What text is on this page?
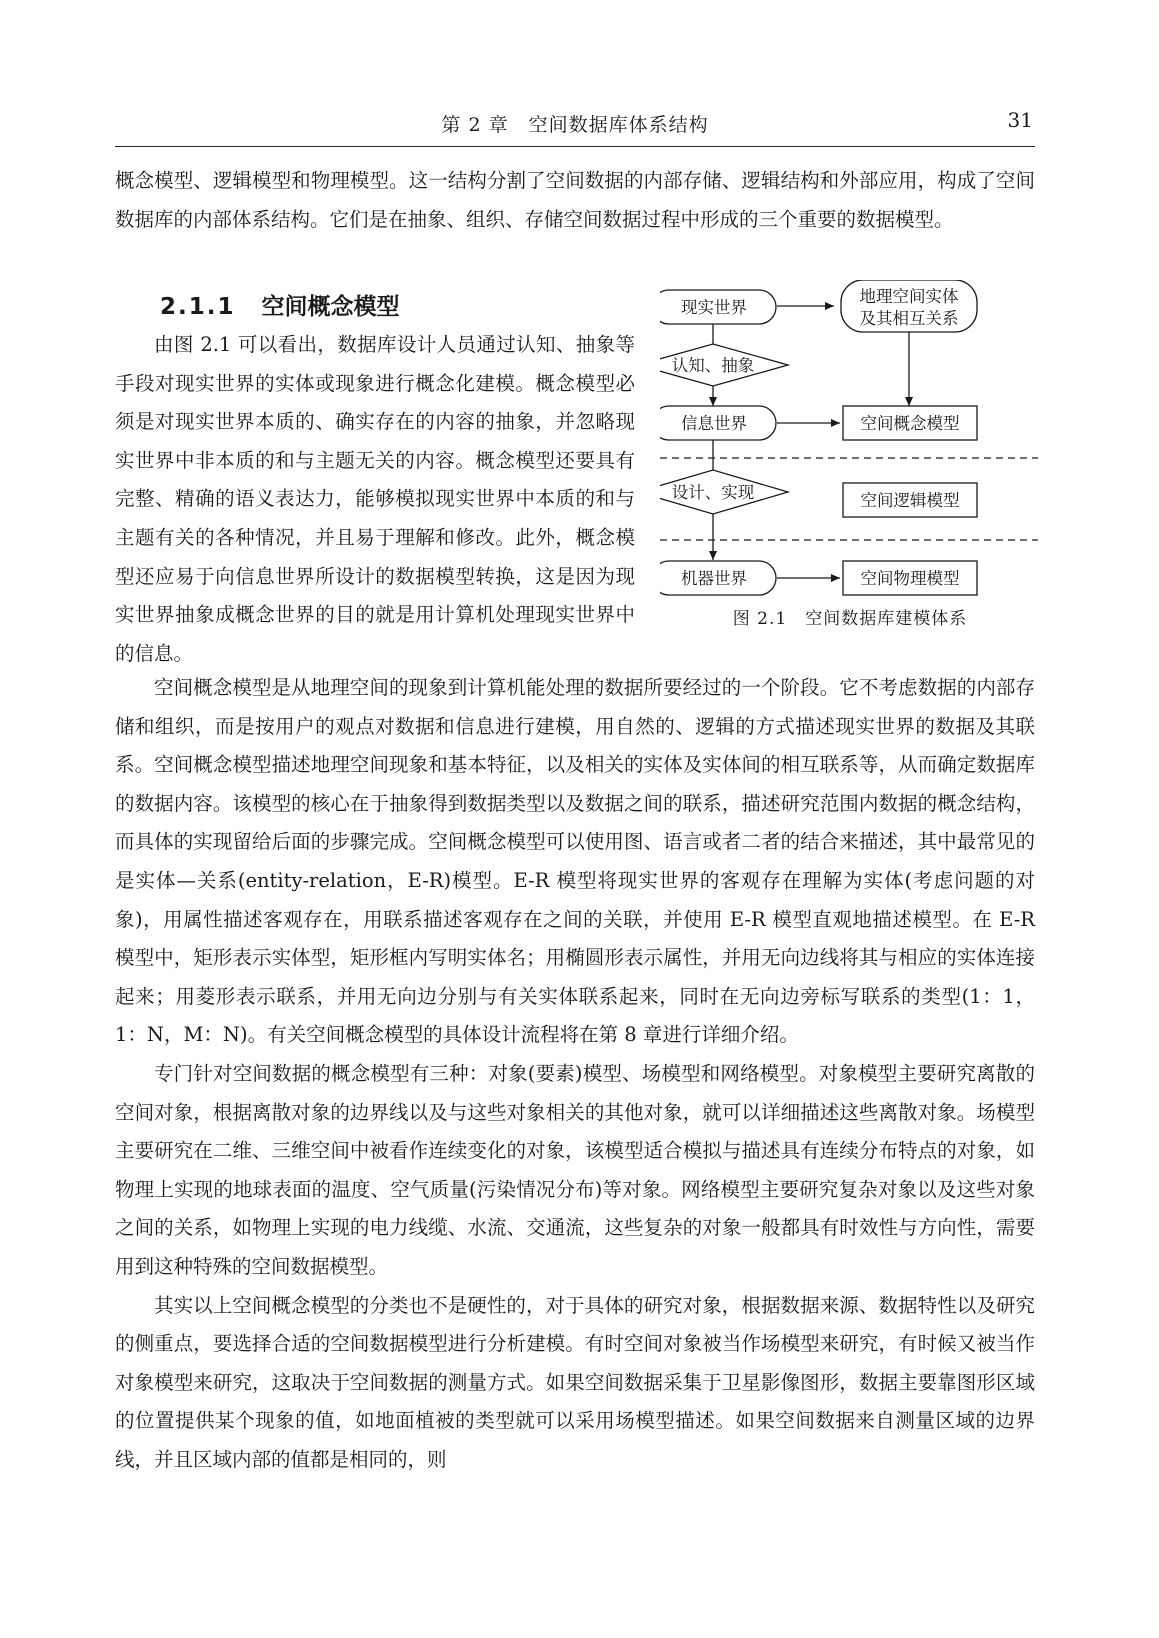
第 2 章　空间数据库体系结构	31
概念模型、逻辑模型和物理模型。这一结构分割了空间数据的内部存储、逻辑结构和外部应用，构成了空间数据库的内部体系结构。它们是在抽象、组织、存储空间数据过程中形成的三个重要的数据模型。
2.1.1 空间概念模型
由图 2.1 可以看出，数据库设计人员通过认知、抽象等手段对现实世界的实体或现象进行概念化建模。概念模型必须是对现实世界本质的、确实存在的内容的抽象，并忽略现实世界中非本质的和与主题无关的内容。概念模型还要具有完整、精确的语义表达力，能够模拟现实世界中本质的和与主题有关的各种情况，并且易于理解和修改。此外，概念模型还应易于向信息世界所设计的数据模型转换，这是因为现实世界抽象成概念世界的目的就是用计算机处理现实世界中的信息。
现实世界
地理空间实体
及其相互关系
认知、抽象
信息世界	空间概念模型
设计、实现	空间逻辑模型
机器世界	空间物理模型
图 2.1 空间数据库建模体系
空间概念模型是从地理空间的现象到计算机能处理的数据所要经过的一个阶段。它不考虑数据的内部存储和组织，而是按用户的观点对数据和信息进行建模，用自然的、逻辑的方式描述现实世界的数据及其联系。空间概念模型描述地理空间现象和基本特征，以及相关的实体及实体间的相互联系等，从而确定数据库的数据内容。该模型的核心在于抽象得到数据类型以及数据之间的联系，描述研究范围内数据的概念结构，而具体的实现留给后面的步骤完成。空间概念模型可以使用图、语言或者二者的结合来描述，其中最常见的是实体—关系(entity-relation，E-R)模型。E-R 模型将现实世界的客观存在理解为实体(考虑问题的对象)，用属性描述客观存在，用联系描述客观存在之间的关联，并使用 E-R 模型直观地描述模型。在 E-R 模型中，矩形表示实体型，矩形框内写明实体名；用椭圆形表示属性，并用无向边线将其与相应的实体连接起来；用菱形表示联系，并用无向边分别与有关实体联系起来，同时在无向边旁标写联系的类型(1：1，1：N，M：N)。有关空间概念模型的具体设计流程将在第 8 章进行详细介绍。
专门针对空间数据的概念模型有三种：对象(要素)模型、场模型和网络模型。对象模型主要研究离散的空间对象，根据离散对象的边界线以及与这些对象相关的其他对象，就可以详细描述这些离散对象。场模型主要研究在二维、三维空间中被看作连续变化的对象，该模型适合模拟与描述具有连续分布特点的对象，如物理上实现的地球表面的温度、空气质量(污染情况分布)等对象。网络模型主要研究复杂对象以及这些对象之间的关系，如物理上实现的电力线缆、水流、交通流，这些复杂的对象一般都具有时效性与方向性，需要用到这种特殊的空间数据模型。
其实以上空间概念模型的分类也不是硬性的，对于具体的研究对象，根据数据来源、数据特性以及研究的侧重点，要选择合适的空间数据模型进行分析建模。有时空间对象被当作场模型来研究，有时候又被当作对象模型来研究，这取决于空间数据的测量方式。如果空间数据采集于卫星影像图形，数据主要靠图形区域的位置提供某个现象的值，如地面植被的类型就可以采用场模型描述。如果空间数据来自测量区域的边界线，并且区域内部的值都是相同的，则
